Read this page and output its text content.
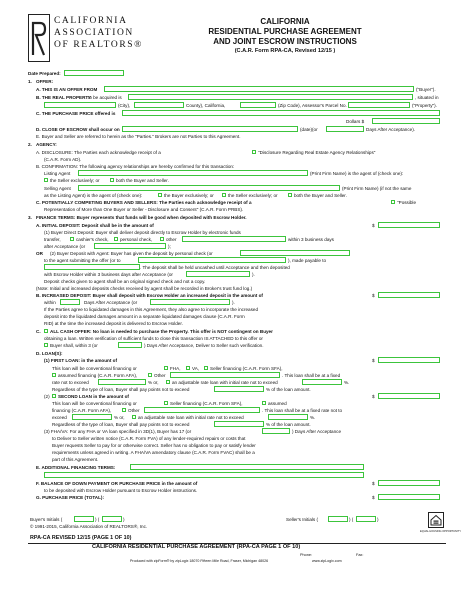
CALIFORNIA
ASSOCIATION
OF REALTORS®
CALIFORNIA
RESIDENTIAL PURCHASE AGREEMENT
AND JOINT ESCROW INSTRUCTIONS
(C.A.R. Form RPA-CA, Revised 12/15 )
Date Prepared:
1. OFFER:
A. THIS IS AN OFFER FROM	("Buyer").
B. THE REAL PROPERTY
to be acquired is	, situated in
(City),	County), California,	(Zip Code), Assessor's Parcel No.	("Property").
C. THE PURCHASE PRICE offered is
Dollars $
D. CLOSE OF ESCROW shall occur on	(date)(or	Days After Acceptance).
E. Buyer and Seller are referred to herein as the "Parties." Brokers are not Parties to this Agreement.
2. AGENCY:
A. DISCLOSURE: The Parties each acknowledge receipt of a	"Disclosure Regarding Real Estate Agency Relationships"
(C.A.R. Form AD).
B. CONFIRMATION: The following agency relationships are hereby confirmed for this transaction:
Listing Agent	(Print Firm Name) is the agent of (check one):
the Seller exclusively; or	both the Buyer and Seller.
Selling Agent	(Print Firm Name) (if not the same
as the Listing Agent) is the agent of (check one):	the Buyer exclusively; or	the Seller exclusively; or	both the Buyer and Seller.
C. POTENTIALLY COMPETING BUYERS AND SELLERS: The Parties each acknowledge receipt of a	"Possible
Representation of More than One Buyer or Seller - Disclosure and Consent" (C.A.R. Form PRBS).
3. FINANCE TERMS: Buyer represents that funds will be good when deposited with Escrow Holder.
A. INITIAL DEPOSIT: Deposit shall be in the amount of	$
(1) Buyer Direct Deposit: Buyer shall deliver deposit directly to Escrow Holder by electronic funds
transfer,	cashier's check, personal check,	other	within 3 business days
after Acceptance (or	);
OR (2) Buyer Deposit with Agent: Buyer has given the deposit by personal check (or
to the agent submitting the offer (or to	), made payable to
. The deposit shall be held uncashed until Acceptance and then deposited
with Escrow Holder within 3 business days after Acceptance (or	).
Deposit checks given to agent shall be an original signed check and not a copy.
(Note: Initial and increased deposits checks received by agent shall be recorded in Broker's trust fund log.)
B. INCREASED DEPOSIT: Buyer shall deposit with Escrow Holder an increased deposit in the amount of	$
within	Days After Acceptance (or	).
If the Parties agree to liquidated damages in this Agreement, they also agree to incorporate the increased
deposit into the liquidated damages amount in a separate liquidated damages clause (C.A.R. Form
RID) at the time the increased deposit is delivered to Escrow Holder.
C. ALL CASH OFFER: No loan is needed to purchase the Property. This offer is NOT contingent on Buyer
obtaining a loan. Written verification of sufficient funds to close this transaction IS ATTACHED to this offer or
Buyer shall, within 3 (or	) Days After Acceptance, Deliver to Seller such verification.
D. LOAN(S):
(1) FIRST LOAN: in the amount of	$
This loan will be conventional financing or	FHA,	VA, Seller financing (C.A.R. Form SFA),
assumed financing (C.A.R. Form AFA),	Other	. This loan shall be at a fixed
rate not to exceed	% or,	an adjustable rate loan with initial rate not to exceed	%.
Regardless of the type of loan, Buyer shall pay points not to exceed	% of the loan amount.
(2) SECOND LOAN in the amount of	$
This loan will be conventional financing or	Seller financing (C.A.R. Form SFA),	assumed
financing (C.A.R. Form AFA),	Other	. This loan shall be at a fixed rate not to
exceed	% or,	an adjustable rate loan with initial rate not to exceed	%.
Regardless of the type of loan, Buyer shall pay points not to exceed	% of the loan amount.
(3) FHA/VA: For any FHA or VA loan specified in 3D(1), Buyer has 17 (or	) Days After Acceptance
to Deliver to Seller written notice (C.A.R. Form FVA) of any lender-required repairs or costs that
Buyer requests Seller to pay for or otherwise correct. Seller has no obligation to pay or satisfy lender
requirements unless agreed in writing. A FHA/VA amendatory clause (C.A.R. Form FVAC) shall be a
part of this Agreement.
E. ADDITIONAL FINANCING TERMS:
F. BALANCE OF DOWN PAYMENT OR PURCHASE PRICE in the amount of	$
to be deposited with Escrow Holder pursuant to Escrow Holder instructions.
G. PURCHASE PRICE (TOTAL):	$
Buyer's Initials (	) (	)	Seller's Initials (	) (	)
EQUAL HOUSING OPPORTUNITY
© 1991-2015, California Association of REALTORS®, Inc.
RPA-CA REVISED 12/15 (PAGE 1 OF 10)
CALIFORNIA RESIDENTIAL PURCHASE AGREEMENT (RPA-CA PAGE 1 OF 10)
Phone:	Fax:
Produced with zipForm® by zipLogix 18070 Fifteen Mile Road, Fraser, Michigan 48026	www.zipLogix.com
